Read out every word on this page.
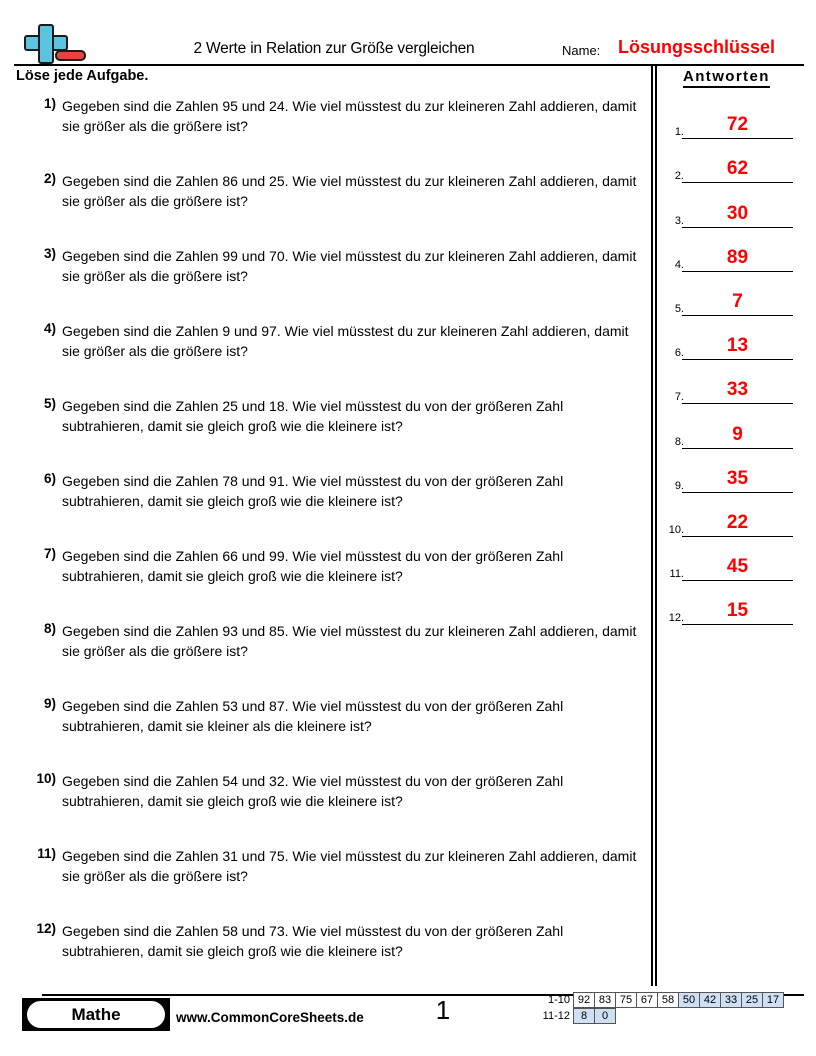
2 Werte in Relation zur Größe vergleichen	Name: Lösungsschlüssel
Löse jede Aufgabe.	Antworten
1) Gegeben sind die Zahlen 95 und 24. Wie viel müsstest du zur kleineren Zahl addieren, damit sie größer als die größere ist?
2) Gegeben sind die Zahlen 86 und 25. Wie viel müsstest du zur kleineren Zahl addieren, damit sie größer als die größere ist?
3) Gegeben sind die Zahlen 99 und 70. Wie viel müsstest du zur kleineren Zahl addieren, damit sie größer als die größere ist?
4) Gegeben sind die Zahlen 9 und 97. Wie viel müsstest du zur kleineren Zahl addieren, damit sie größer als die größere ist?
5) Gegeben sind die Zahlen 25 und 18. Wie viel müsstest du von der größeren Zahl subtrahieren, damit sie gleich groß wie die kleinere ist?
6) Gegeben sind die Zahlen 78 und 91. Wie viel müsstest du von der größeren Zahl subtrahieren, damit sie gleich groß wie die kleinere ist?
7) Gegeben sind die Zahlen 66 und 99. Wie viel müsstest du von der größeren Zahl subtrahieren, damit sie gleich groß wie die kleinere ist?
8) Gegeben sind die Zahlen 93 und 85. Wie viel müsstest du zur kleineren Zahl addieren, damit sie größer als die größere ist?
9) Gegeben sind die Zahlen 53 und 87. Wie viel müsstest du von der größeren Zahl subtrahieren, damit sie kleiner als die kleinere ist?
10) Gegeben sind die Zahlen 54 und 32. Wie viel müsstest du von der größeren Zahl subtrahieren, damit sie gleich groß wie die kleinere ist?
11) Gegeben sind die Zahlen 31 und 75. Wie viel müsstest du zur kleineren Zahl addieren, damit sie größer als die größere ist?
12) Gegeben sind die Zahlen 58 und 73. Wie viel müsstest du von der größeren Zahl subtrahieren, damit sie gleich groß wie die kleinere ist?
1.	72
2.	62
3.	30
4.	89
5.	7
6.	13
7.	33
8.	9
9.	35
10.	22
11.	45
12.	15
Mathe	www.CommonCoreSheets.de	1	1-10 92 83 75 67 58 50 42 33 25 17
11-12 8	0
